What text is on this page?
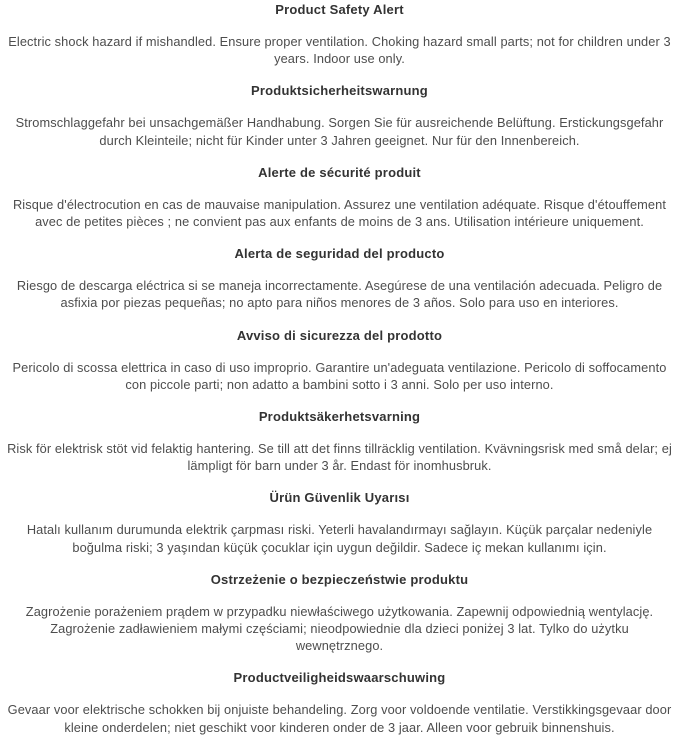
Product Safety Alert

Electric shock hazard if mishandled. Ensure proper ventilation. Choking hazard small parts; not for children under 3 years. Indoor use only.

Produktsicherheitswarnung

Stromschlaggefahr bei unsachgemäßer Handhabung. Sorgen Sie für ausreichende Belüftung. Erstickungsgefahr durch Kleinteile; nicht für Kinder unter 3 Jahren geeignet. Nur für den Innenbereich.

Alerte de sécurité produit

Risque d'électrocution en cas de mauvaise manipulation. Assurez une ventilation adéquate. Risque d'étouffement avec de petites pièces ; ne convient pas aux enfants de moins de 3 ans. Utilisation intérieure uniquement.

Alerta de seguridad del producto

Riesgo de descarga eléctrica si se maneja incorrectamente. Asegúrese de una ventilación adecuada. Peligro de asfixia por piezas pequeñas; no apto para niños menores de 3 años. Solo para uso en interiores.

Avviso di sicurezza del prodotto

Pericolo di scossa elettrica in caso di uso improprio. Garantire un'adeguata ventilazione. Pericolo di soffocamento con piccole parti; non adatto a bambini sotto i 3 anni. Solo per uso interno.

Produktsäkerhetsvarning

Risk för elektrisk stöt vid felaktig hantering. Se till att det finns tillräcklig ventilation. Kvävningsrisk med små delar; ej lämpligt för barn under 3 år. Endast för inomhusbruk.

Ürün Güvenlik Uyarısı

Hatalı kullanım durumunda elektrik çarpması riski. Yeterli havalandırmayı sağlayın. Küçük parçalar nedeniyle boğulma riski; 3 yaşından küçük çocuklar için uygun değildir. Sadece iç mekan kullanımı için.

Ostrzeżenie o bezpieczeństwie produktu

Zagrożenie porażeniem prądem w przypadku niewłaściwego użytkowania. Zapewnij odpowiednią wentylację. Zagrożenie zadławieniem małymi częściami; nieodpowiednie dla dzieci poniżej 3 lat. Tylko do użytku wewnętrznego.

Productveiligheidswaarschuwing

Gevaar voor elektrische schokken bij onjuiste behandeling. Zorg voor voldoende ventilatie. Verstikkingsgevaar door kleine onderdelen; niet geschikt voor kinderen onder de 3 jaar. Alleen voor gebruik binnenshuis.
